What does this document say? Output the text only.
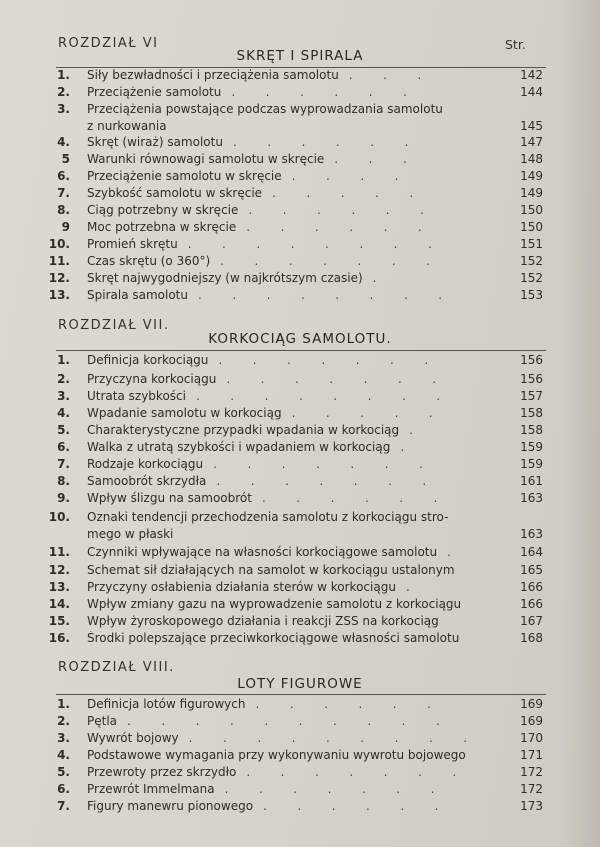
Str.
ROZDZIAŁ VI
SKRĘT I SPIRALA
1. Siły bezwładności i przeciążenia samolotu .        .        .	142
2. Przeciążenie samolotu .        .        .        .        .        .	144
3. Przeciążenia powstające podczas wyprowadzania samolotu
z nurkowania	145
4. Skręt (wiraż) samolotu .        .        .        .        .        .	147
5 Warunki równowagi samolotu w skręcie .        .        .	148
6. Przeciążenie samolotu w skręcie .        .        .        .	149
7. Szybkość samolotu w skręcie .        .        .        .        .	149
8. Ciąg potrzebny w skręcie .        .        .        .        .        .	150
9 Moc potrzebna w skręcie .        .        .        .        .        .	150
10. Promień skrętu .        .        .        .        .        .        .        .	151
11. Czas skrętu (o 360°) .        .        .        .        .        .        .	152
12. Skręt najwygodniejszy (w najkrótszym czasie) .	152
13. Spirala samolotu .        .        .        .        .        .        .        .	153
ROZDZIAŁ VII.
KORKOCIĄG SAMOLOTU.
1. Definicja korkociągu .        .        .        .        .        .        .	156
2. Przyczyna korkociągu .        .        .        .        .        .        .	156
3. Utrata szybkości .        .        .        .        .        .        .        .	157
4. Wpadanie samolotu w korkociąg .        .        .        .        .	158
5. Charakterystyczne przypadki wpadania w korkociąg .	158
6. Walka z utratą szybkości i wpadaniem w korkociąg .	159
7. Rodzaje korkociągu .        .        .        .        .        .        .	159
8. Samoobrót skrzydła .        .        .        .        .        .        .	161
9. Wpływ ślizgu na samoobrót .        .        .        .        .        .	163
10. Oznaki tendencji przechodzenia samolotu z korkociągu stro-
mego w płaski	163
11. Czynniki wpływające na własności korkociągowe samolotu .	164
12. Schemat sił działających na samolot w korkociągu ustalonym	165
13. Przyczyny osłabienia działania sterów w korkociągu .	166
14. Wpływ zmiany gazu na wyprowadzenie samolotu z korkociągu	166
15. Wpływ żyroskopowego działania i reakcji ZSS na korkociąg	167
16. Środki polepszające przeciwkorkociągowe własności samolotu	168
ROZDZIAŁ VIII.
LOTY FIGUROWE
1. Definicja lotów figurowych .        .        .        .        .        .	169
2. Pętla .        .        .        .        .        .        .        .        .        .	169
3. Wywrót bojowy .        .        .        .        .        .        .        .        .	170
4. Podstawowe wymagania przy wykonywaniu wywrotu bojowego	171
5. Przewroty przez skrzydło .        .        .        .        .        .        .	172
6. Przewrót Immelmana .        .        .        .        .        .        .	172
7. Figury manewru pionowego .        .        .        .        .        .	173
